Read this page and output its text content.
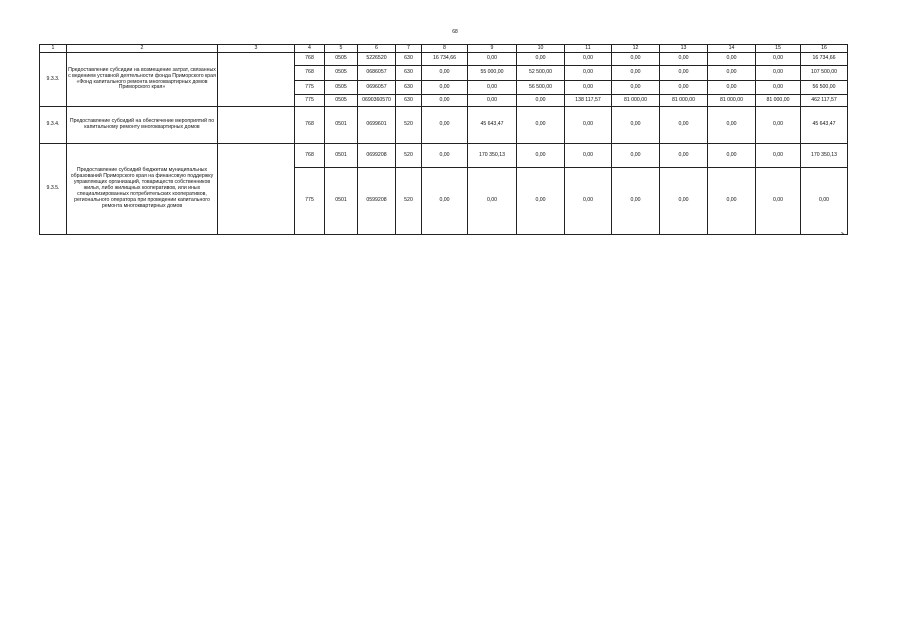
68
1	2	3	4	5	6	7	8	9	10	11	12	13	14	15	16
9.3.3.	Предоставление субсидии на возмещение затрат, связанных с ведением уставной деятельности фонда Приморского края «Фонд капитального ремонта многоквартирных домов Приморского края»		768	0505	5226520	630	16 734,66	0,00	0,00	0,00	0,00	0,00	0,00	0,00	16 734,66
			768	0505	0686057	630	0,00	55 000,00	52 500,00	0,00	0,00	0,00	0,00	0,00	107 500,00
			775	0505	0696057	630	0,00	0,00	56 500,00	0,00	0,00	0,00	0,00	0,00	56 500,00
			775	0505	0690360570	630	0,00	0,00	0,00	138 117,57	81 000,00	81 000,00	81 000,00	81 000,00	462 117,57
9.3.4.	Предоставление субсидий на обеспечение мероприятий по капитальному ремонту многоквартирных домов		768	0501	0699601	520	0,00	45 643,47	0,00	0,00	0,00	0,00	0,00	0,00	45 643,47
9.3.5.	Предоставление субсидий бюджетам муниципальных образований Приморского края на финансовую поддержку управляющих организаций, товариществ собственников жилья, либо жилищных кооперативов, или иных специализированных потребительских кооперативов, регионального оператора при проведении капитального ремонта многоквартирных домов		768	0501	0699208	520	0,00	170 350,13	0,00	0,00	0,00	0,00	0,00	0,00	170 350,13
			775	0501	0599208	520	0,00	0,00	0,00	0,00	0,00	0,00	0,00	0,00	0,00
ъ
